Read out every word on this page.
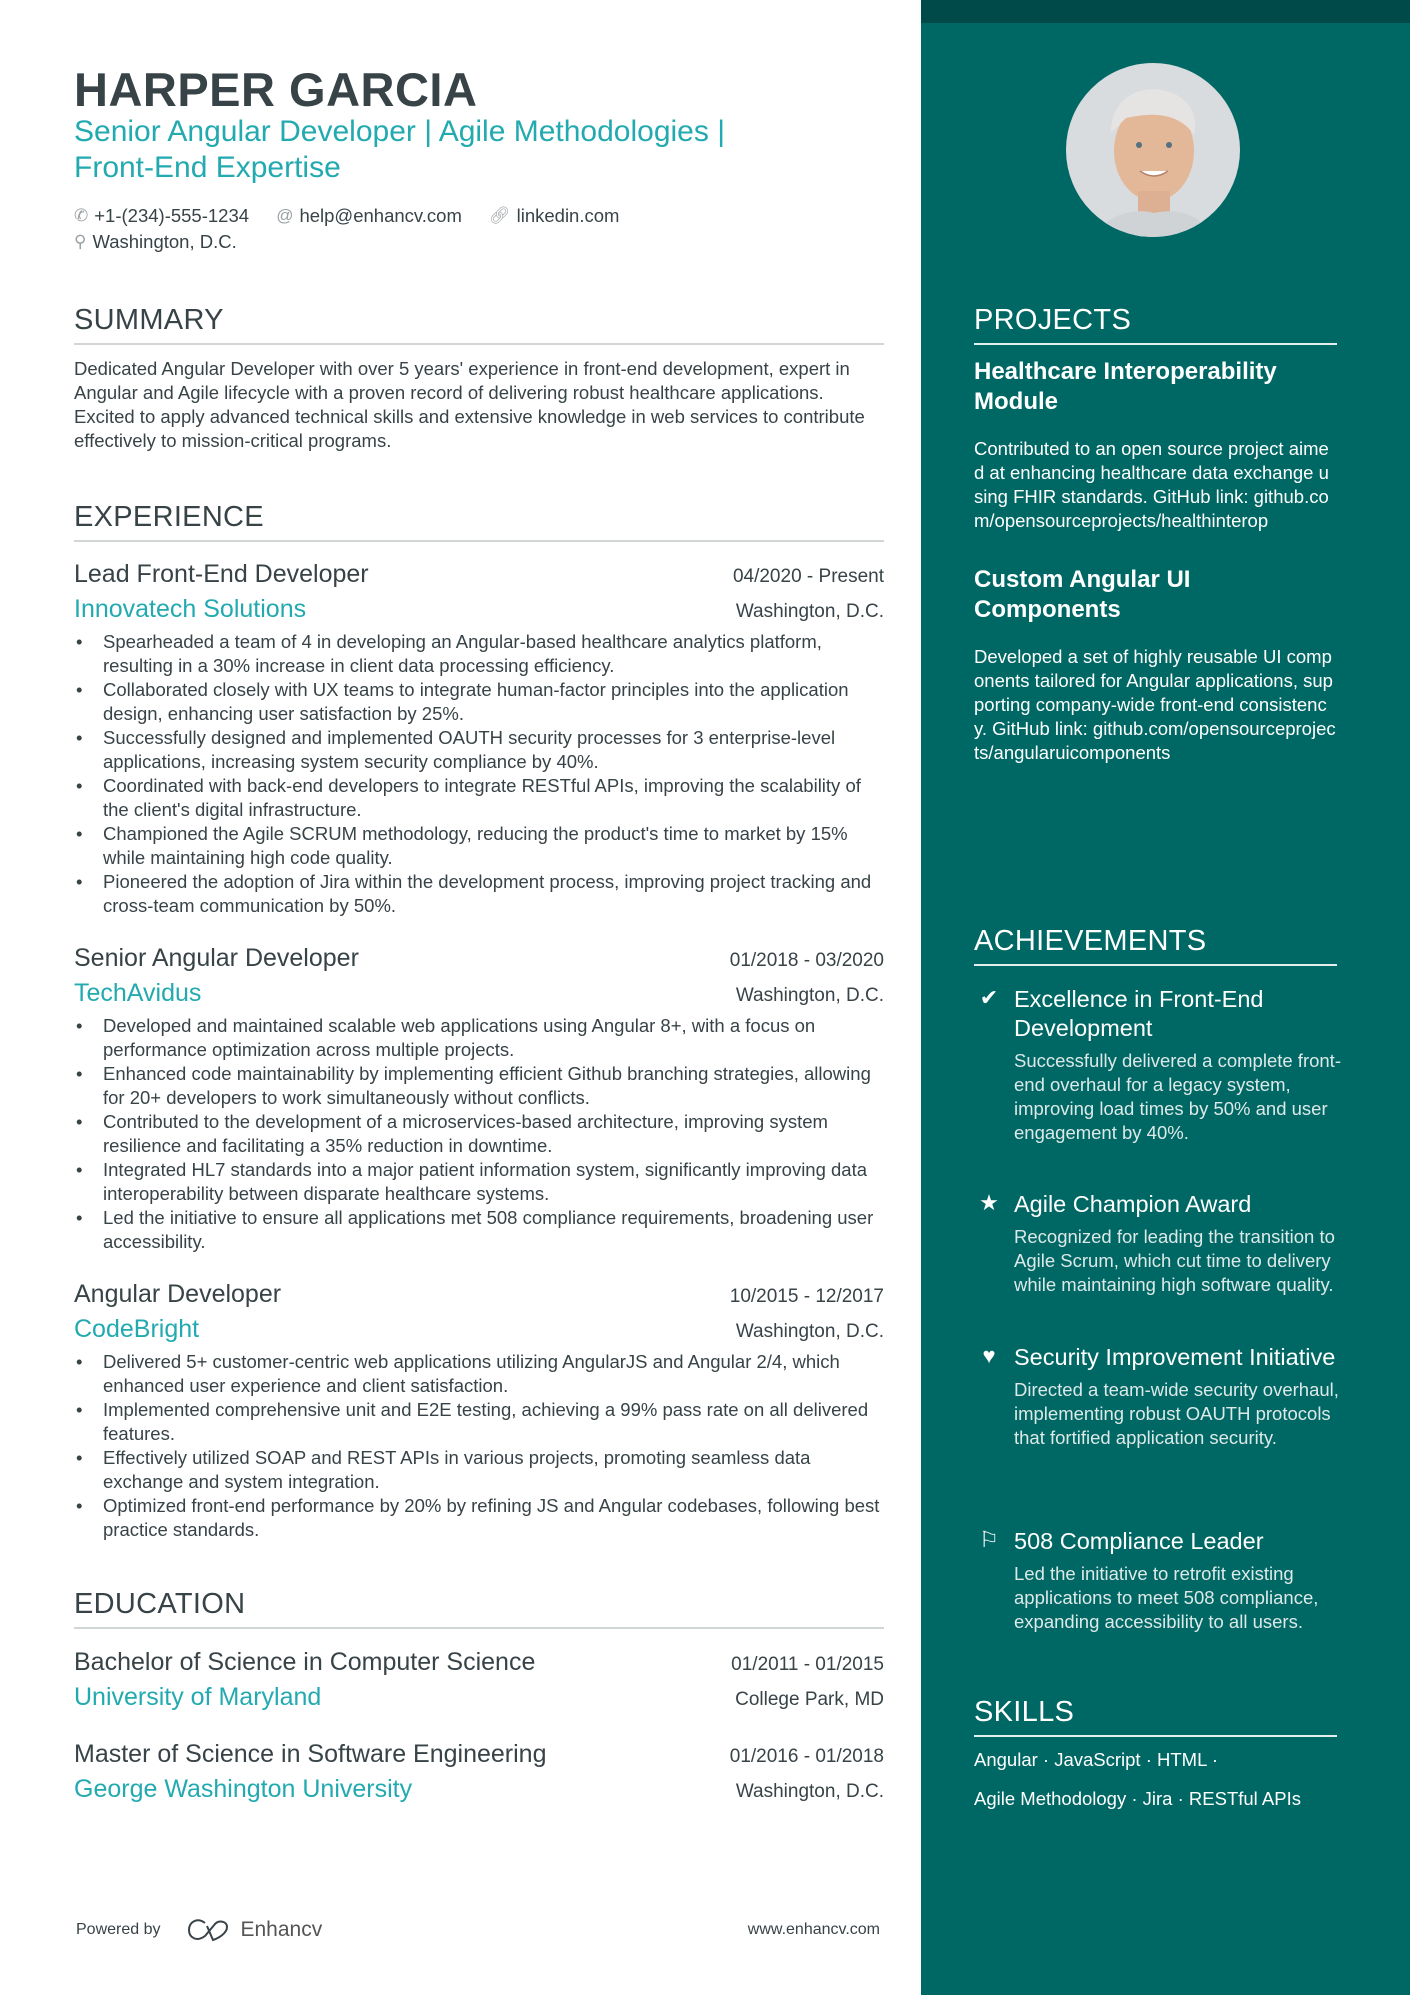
HARPER GARCIA
Senior Angular Developer | Agile Methodologies | Front-End Expertise
✆ +1-(234)-555-1234
@ help@enhancv.com
🔗︎ linkedin.com
⚲ Washington, D.C.
SUMMARY

Dedicated Angular Developer with over 5 years' experience in front-end development, expert in Angular and Agile lifecycle with a proven record of delivering robust healthcare applications. Excited to apply advanced technical skills and extensive knowledge in web services to contribute effectively to mission-critical programs.

EXPERIENCE
Lead Front-End Developer	04/2020 - Present
Innovatech Solutions	Washington, D.C.
• Spearheaded a team of 4 in developing an Angular-based healthcare analytics platform, resulting in a 30% increase in client data processing efficiency.
• Collaborated closely with UX teams to integrate human-factor principles into the application design, enhancing user satisfaction by 25%.
• Successfully designed and implemented OAUTH security processes for 3 enterprise-level applications, increasing system security compliance by 40%.
• Coordinated with back-end developers to integrate RESTful APIs, improving the scalability of the client's digital infrastructure.
• Championed the Agile SCRUM methodology, reducing the product's time to market by 15% while maintaining high code quality.
• Pioneered the adoption of Jira within the development process, improving project tracking and cross-team communication by 50%.
Senior Angular Developer	01/2018 - 03/2020
TechAvidus	Washington, D.C.
• Developed and maintained scalable web applications using Angular 8+, with a focus on performance optimization across multiple projects.
• Enhanced code maintainability by implementing efficient Github branching strategies, allowing for 20+ developers to work simultaneously without conflicts.
• Contributed to the development of a microservices-based architecture, improving system resilience and facilitating a 35% reduction in downtime.
• Integrated HL7 standards into a major patient information system, significantly improving data interoperability between disparate healthcare systems.
• Led the initiative to ensure all applications met 508 compliance requirements, broadening user accessibility.
Angular Developer	10/2015 - 12/2017
CodeBright	Washington, D.C.
• Delivered 5+ customer-centric web applications utilizing AngularJS and Angular 2/4, which enhanced user experience and client satisfaction.
• Implemented comprehensive unit and E2E testing, achieving a 99% pass rate on all delivered features.
• Effectively utilized SOAP and REST APIs in various projects, promoting seamless data exchange and system integration.
• Optimized front-end performance by 20% by refining JS and Angular codebases, following best practice standards.
EDUCATION
Bachelor of Science in Computer Science	01/2011 - 01/2015
University of Maryland	College Park, MD
Master of Science in Software Engineering	01/2016 - 01/2018
George Washington University	Washington, D.C.
Powered by	Enhancv	www.enhancv.com
PROJECTS
Healthcare Interoperability Module
Contributed to an open source project aimed at enhancing healthcare data exchange using FHIR standards. GitHub link: github.com/opensourceprojects/healthinterop
Custom Angular UI Components
Developed a set of highly reusable UI components tailored for Angular applications, supporting company-wide front-end consistency. GitHub link: github.com/opensourceprojects/angularuicomponents
ACHIEVEMENTS
✔ Excellence in Front-End Development
Successfully delivered a complete front-end overhaul for a legacy system, improving load times by 50% and user engagement by 40%.
★ Agile Champion Award
Recognized for leading the transition to Agile Scrum, which cut time to delivery while maintaining high software quality.
♥ Security Improvement Initiative
Directed a team-wide security overhaul, implementing robust OAUTH protocols that fortified application security.
⚐ 508 Compliance Leader
Led the initiative to retrofit existing applications to meet 508 compliance, expanding accessibility to all users.
SKILLS
Angular · JavaScript · HTML ·
Agile Methodology · Jira · RESTful APIs
